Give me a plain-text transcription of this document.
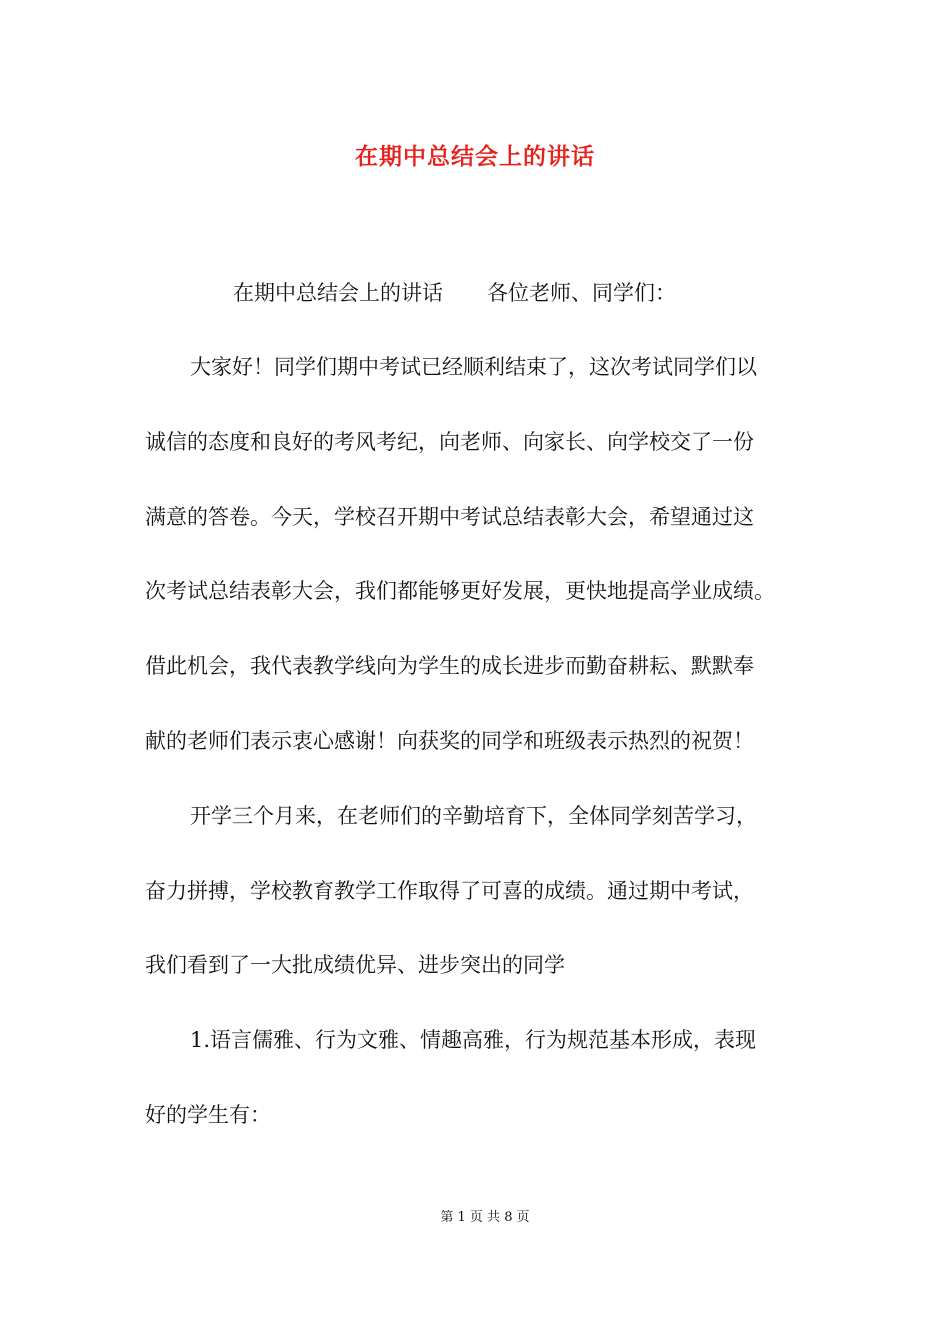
在期中总结会上的讲话

在期中总结会上的讲话 各位老师、同学们：

大家好！同学们期中考试已经顺利结束了，这次考试同学们以

诚信的态度和良好的考风考纪，向老师、向家长、向学校交了一份

满意的答卷。今天，学校召开期中考试总结表彰大会，希望通过这

次考试总结表彰大会，我们都能够更好发展，更快地提高学业成绩。

借此机会，我代表教学线向为学生的成长进步而勤奋耕耘、默默奉

献的老师们表示衷心感谢！向获奖的同学和班级表示热烈的祝贺！

开学三个月来，在老师们的辛勤培育下，全体同学刻苦学习，

奋力拼搏，学校教育教学工作取得了可喜的成绩。通过期中考试，

我们看到了一大批成绩优异、进步突出的同学

1.语言儒雅、行为文雅、情趣高雅，行为规范基本形成，表现

好的学生有：

第 1 页 共 8 页
